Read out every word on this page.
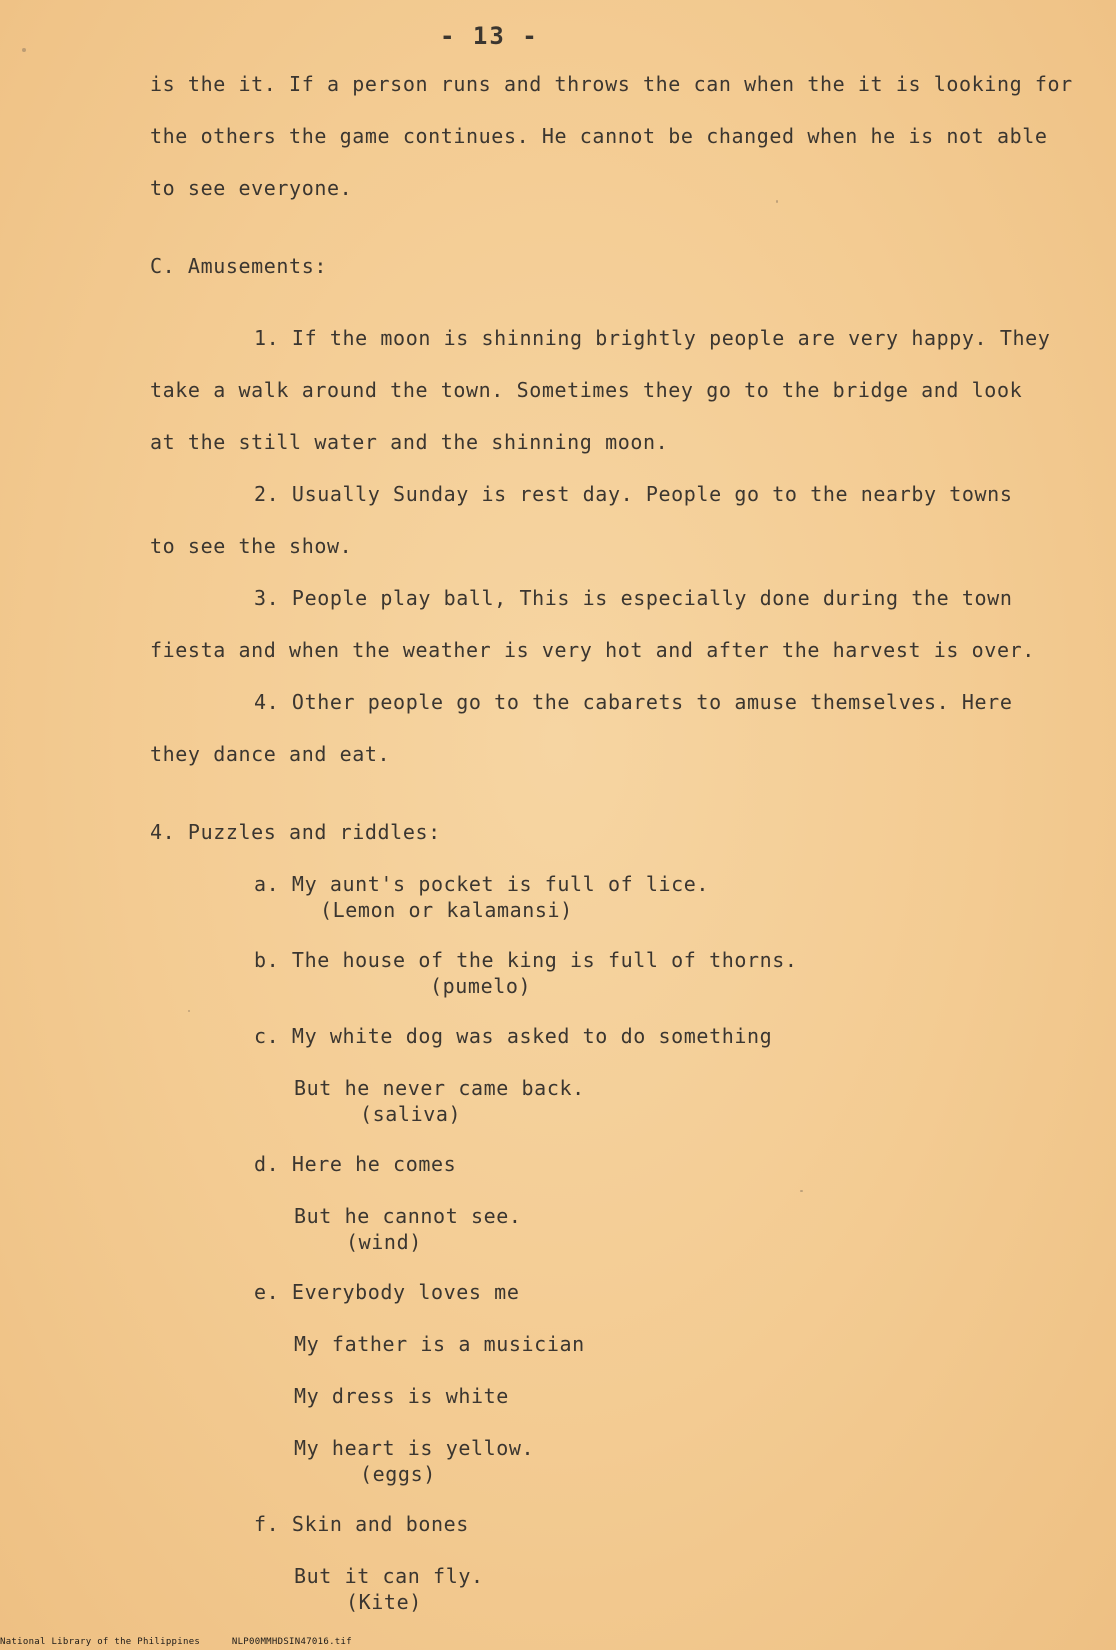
- 13 -
is the it. If a person runs and throws the can when the it is looking for
the others the game continues. He cannot be changed when he is not able
to see everyone.
C. Amusements:
1. If the moon is shinning brightly people are very happy. They
take a walk around the town. Sometimes they go to the bridge and look
at the still water and the shinning moon.
2. Usually Sunday is rest day. People go to the nearby towns
to see the show.
3. People play ball, This is especially done during the town
fiesta and when the weather is very hot and after the harvest is over.
4. Other people go to the cabarets to amuse themselves. Here
they dance and eat.
4. Puzzles and riddles:
a. My aunt's pocket is full of lice.
(Lemon or kalamansi)
b. The house of the king is full of thorns.
(pumelo)
c. My white dog was asked to do something
But he never came back.
(saliva)
d. Here he comes
But he cannot see.
(wind)
e. Everybody loves me
My father is a musician
My dress is white
My heart is yellow.
(eggs)
f. Skin and bones
But it can fly.
(Kite)
National Library of the Philippines	NLP00MMHDSIN47016.tif
